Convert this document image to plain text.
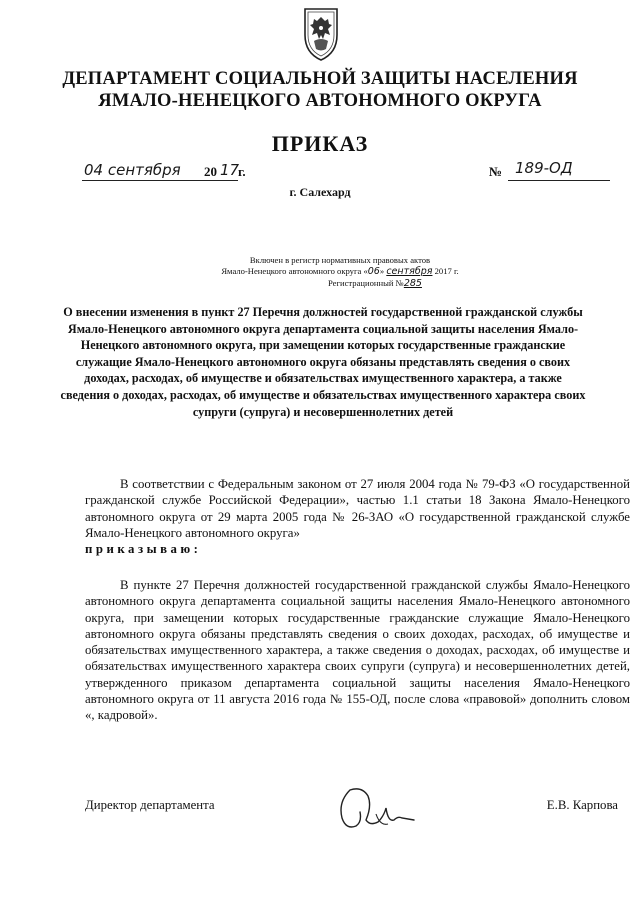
ДЕПАРТАМЕНТ СОЦИАЛЬНОЙ ЗАЩИТЫ НАСЕЛЕНИЯ
ЯМАЛО-НЕНЕЦКОГО АВТОНОМНОГО ОКРУГА
ПРИКАЗ
04 сентября 20 17
г.	№ 189-ОД
г. Салехард
Включен в регистр нормативных правовых актов
Ямало-Ненецкого автономного округа «06» сентября 2017 г.
Регистрационный №285
О внесении изменения в пункт 27 Перечня должностей государственной гражданской службы Ямало-Ненецкого автономного округа департамента социальной защиты населения Ямало-Ненецкого автономного округа, при замещении которых государственные гражданские служащие Ямало-Ненецкого автономного округа обязаны представлять сведения о своих доходах, расходах, об имуществе и обязательствах имущественного характера, а также сведения о доходах, расходах, об имуществе и обязательствах имущественного характера своих супруги (супруга) и несовершеннолетних детей
В соответствии с Федеральным законом от 27 июля 2004 года № 79-ФЗ «О государственной гражданской службе Российской Федерации», частью 1.1 статьи 18 Закона Ямало-Ненецкого автономного округа от 29 марта 2005 года № 26-ЗАО «О государственной гражданской службе Ямало-Ненецкого автономного округа»
приказываю:
В пункте 27 Перечня должностей государственной гражданской службы Ямало-Ненецкого автономного округа департамента социальной защиты населения Ямало-Ненецкого автономного округа, при замещении которых государственные гражданские служащие Ямало-Ненецкого автономного округа обязаны представлять сведения о своих доходах, расходах, об имуществе и обязательствах имущественного характера, а также сведения о доходах, расходах, об имуществе и обязательствах имущественного характера своих супруги (супруга) и несовершеннолетних детей, утвержденного приказом департамента социальной защиты населения Ямало-Ненецкого автономного округа от 11 августа 2016 года № 155-ОД, после слова «правовой» дополнить словом «, кадровой».
Директор департамента	Е.В. Карпова
